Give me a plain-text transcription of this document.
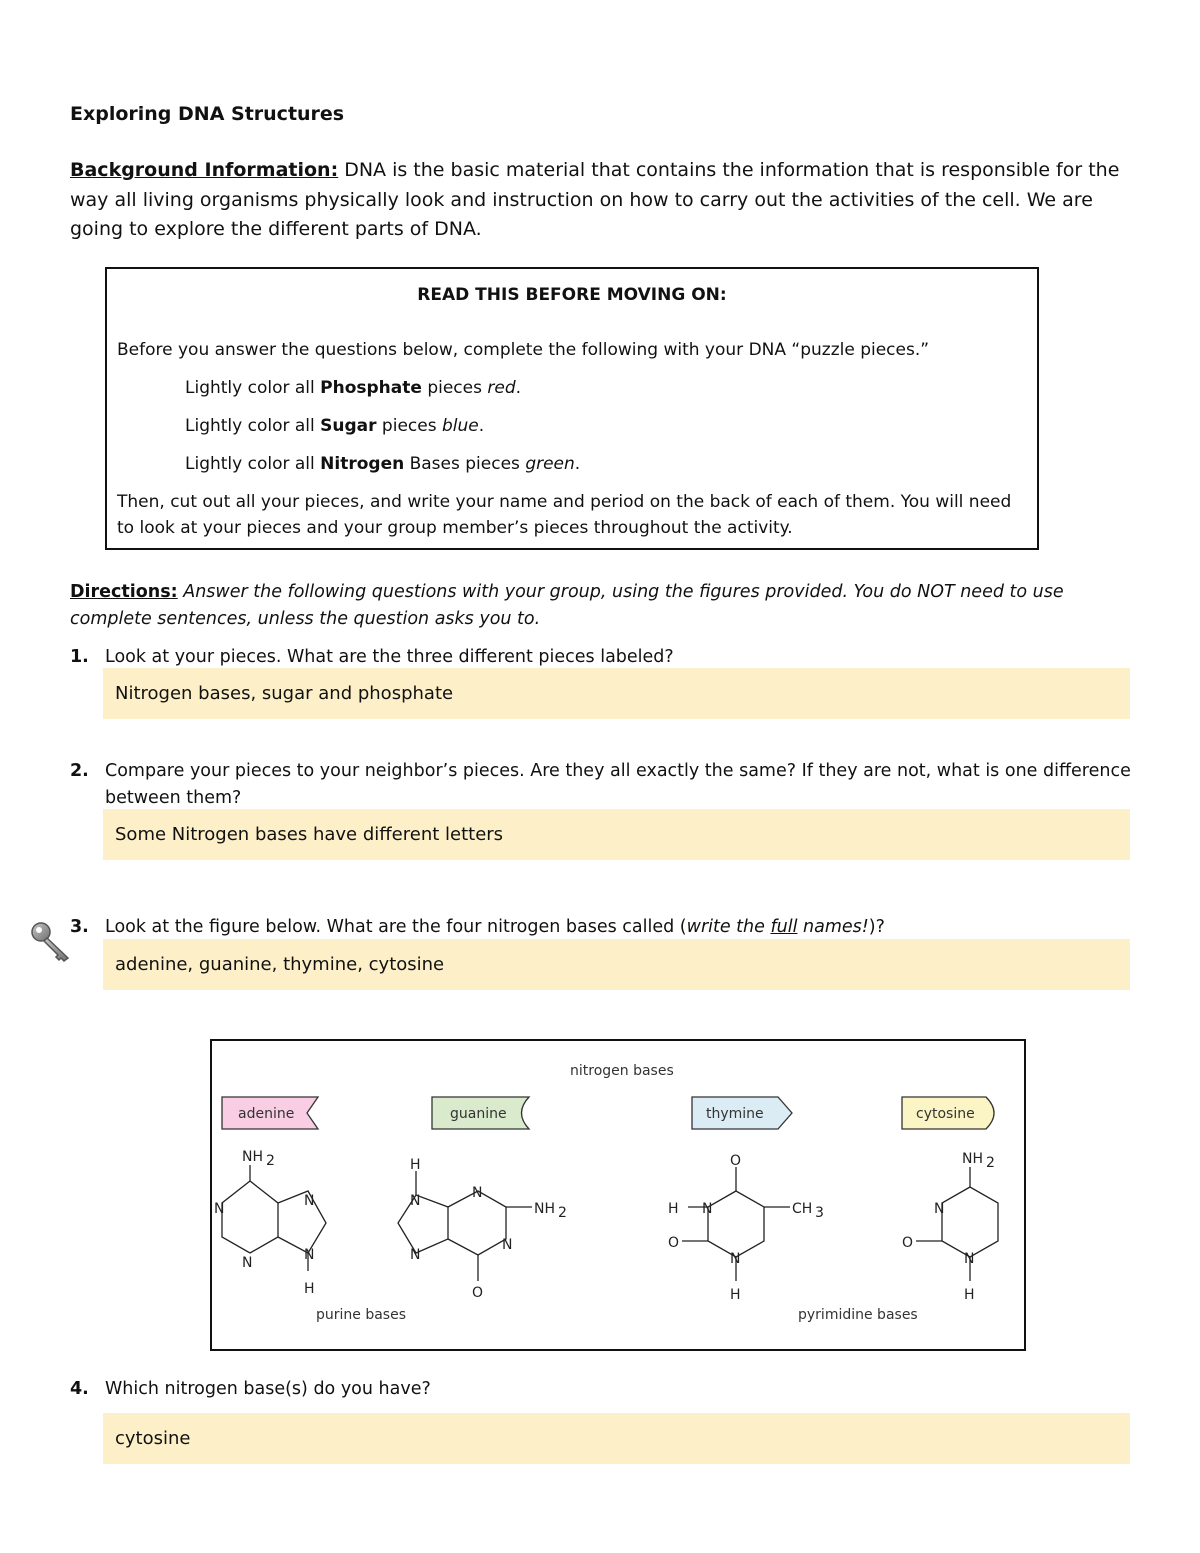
Exploring DNA Structures
Background Information: DNA is the basic material that contains the information that is responsible for the way all living organisms physically look and instruction on how to carry out the activities of the cell. We are going to explore the different parts of DNA.
READ THIS BEFORE MOVING ON:
Before you answer the questions below, complete the following with your DNA “puzzle pieces.”
Lightly color all Phosphate pieces red.
Lightly color all Sugar pieces blue.
Lightly color all Nitrogen Bases pieces green.
Then, cut out all your pieces, and write your name and period on the back of each of them. You will need to look at your pieces and your group member’s pieces throughout the activity.
Directions: Answer the following questions with your group, using the figures provided. You do NOT need to use complete sentences, unless the question asks you to.
1. Look at your pieces. What are the three different pieces labeled?
Nitrogen bases, sugar and phosphate
2. Compare your pieces to your neighbor’s pieces. Are they all exactly the same? If they are not, what is one difference between them?
Some Nitrogen bases have different letters
3. Look at the figure below. What are the four nitrogen bases called (write the full names!)?
adenine, guanine, thymine, cytosine
nitrogen bases
adenine	guanine	thymine	cytosine
NH 2
N
N
N
N
H
H
N
N
N
N
NH 2
O
O
H N
O
N
H
CH 3
NH 2
N
O
N
H
purine bases	pyrimidine bases
4. Which nitrogen base(s) do you have?
cytosine
